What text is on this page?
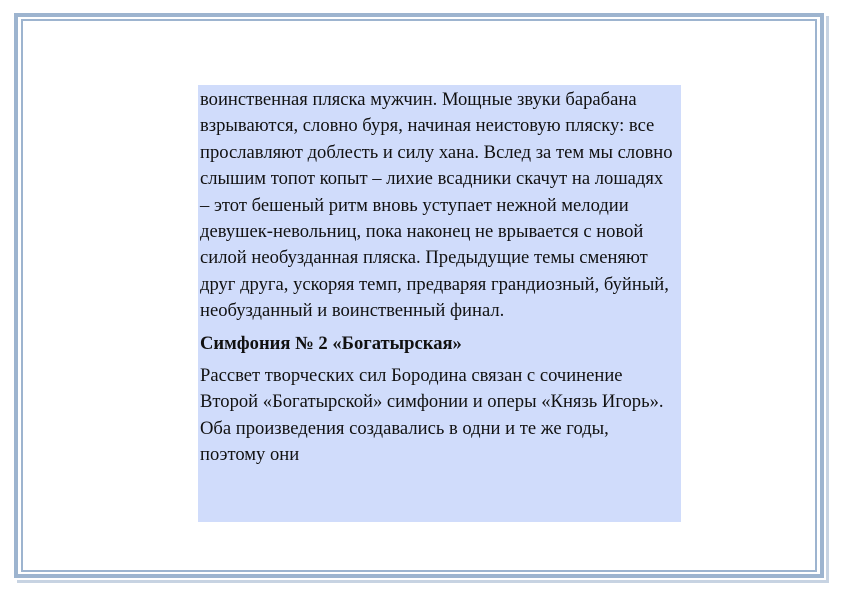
воинственная пляска мужчин. Мощные звуки барабана взрываются, словно буря, начиная неистовую пляску: все прославляют доблесть и силу хана. Вслед за тем мы словно слышим топот копыт – лихие всадники скачут на лошадях – этот бешеный ритм вновь уступает нежной мелодии девушек-невольниц, пока наконец не врывается с новой силой необузданная пляска. Предыдущие темы сменяют друг друга, ускоряя темп, предваряя грандиозный, буйный, необузданный и воинственный финал.

Симфония № 2 «Богатырская»

Рассвет творческих сил Бородина связан с сочинение Второй «Богатырской» симфонии и оперы «Князь Игорь». Оба произведения создавались в одни и те же годы, поэтому они
